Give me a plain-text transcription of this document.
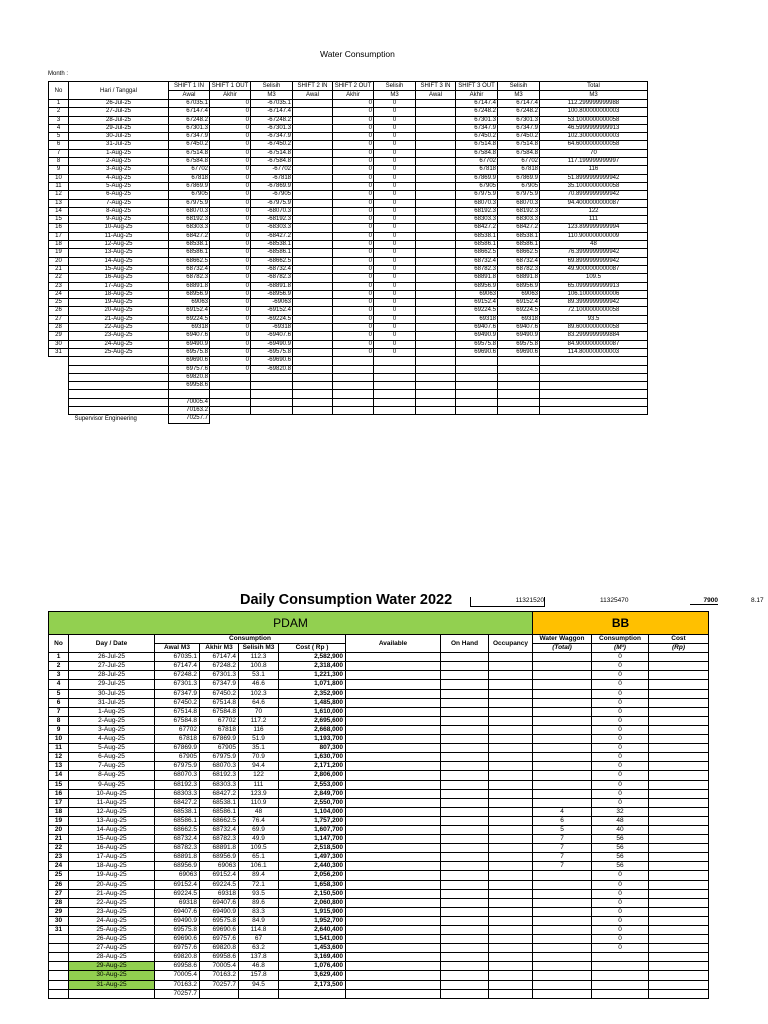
Water Consumption
Month :
No	Hari / Tanggal	SHIFT 1 IN	SHIFT 1 OUT	Selisih	SHIFT 2 IN	SHIFT 2 OUT	Selisih	SHIFT 3 IN	SHIFT 3 OUT	Selisih	Total
		Awal	Akhir	M3	Awal	Akhir	M3	Awal	Akhir	M3	M3
1	26-Jul-25	67035.1	0	-67035.1		0	0		67147.4	67147.4	112.299999999988
2	27-Jul-25	67147.4	0	-67147.4		0	0		67248.2	67248.2	100.800000000003
3	28-Jul-25	67248.2	0	-67248.2		0	0		67301.3	67301.3	53.1000000000058
4	29-Jul-25	67301.3	0	-67301.3		0	0		67347.9	67347.9	46.5999999999913
5	30-Jul-25	67347.9	0	-67347.9		0	0		67450.2	67450.2	102.300000000003
6	31-Jul-25	67450.2	0	-67450.2		0	0		67514.8	67514.8	64.6000000000058
7	1-Aug-25	67514.8	0	-67514.8		0	0		67584.8	67584.8	70
8	2-Aug-25	67584.8	0	-67584.8		0	0		67702	67702	117.199999999997
9	3-Aug-25	67702	0	-67702		0	0		67818	67818	116
10	4-Aug-25	67818	0	-67818		0	0		67869.9	67869.9	51.8999999999942
11	5-Aug-25	67869.9	0	-67869.9		0	0		67905	67905	35.1000000000058
12	6-Aug-25	67905	0	-67905		0	0		67975.9	67975.9	70.8999999999942
13	7-Aug-25	67975.9	0	-67975.9		0	0		68070.3	68070.3	94.4000000000087
14	8-Aug-25	68070.3	0	-68070.3		0	0		68192.3	68192.3	122
15	9-Aug-25	68192.3	0	-68192.3		0	0		68303.3	68303.3	111
16	10-Aug-25	68303.3	0	-68303.3		0	0		68427.2	68427.2	123.899999999994
17	11-Aug-25	68427.2	0	-68427.2		0	0		68538.1	68538.1	110.900000000009
18	12-Aug-25	68538.1	0	-68538.1		0	0		68586.1	68586.1	48
19	13-Aug-25	68586.1	0	-68586.1		0	0		68662.5	68662.5	76.3999999999942
20	14-Aug-25	68662.5	0	-68662.5		0	0		68732.4	68732.4	69.8999999999942
21	15-Aug-25	68732.4	0	-68732.4		0	0		68782.3	68782.3	49.9000000000087
22	16-Aug-25	68782.3	0	-68782.3		0	0		68891.8	68891.8	109.5
23	17-Aug-25	68891.8	0	-68891.8		0	0		68956.9	68956.9	65.0999999999913
24	18-Aug-25	68956.9	0	-68956.9		0	0		69063	69063	106.100000000006
25	19-Aug-25	69063	0	-69063		0	0		69152.4	69152.4	89.3999999999942
26	20-Aug-25	69152.4	0	-69152.4		0	0		69224.5	69224.5	72.1000000000058
27	21-Aug-25	69224.5	0	-69224.5		0	0		69318	69318	93.5
28	22-Aug-25	69318	0	-69318		0	0		69407.6	69407.6	89.6000000000058
29	23-Aug-25	69407.6	0	-69407.6		0	0		69490.9	69490.9	83.2999999999884
30	24-Aug-25	69490.9	0	-69490.9		0	0		69575.8	69575.8	84.9000000000087
31	25-Aug-25	69575.8	0	-69575.8		0	0		69690.6	69690.6	114.800000000003
		69690.6	0	-69690.6							
		69757.6	0	-69820.8							
		69820.8									
		69958.6									

		70005.4									
		70163.2									
	Supervisor Engineering	70257.7									
Daily Consumption Water 2022	11321520	11325470	7900	8.17
PDAM									BB		
No	Day / Date	Consumption				Available	On Hand	Occupancy	Water Waggon	Consumption	Cost
		Awal M3	Akhir M3	Selisih M3	Cost ( Rp )				(Total)	(M³)	(Rp)
1	26-Jul-25	67035.1	67147.4	112.3	2,582,900					0	
2	27-Jul-25	67147.4	67248.2	100.8	2,318,400					0	
3	28-Jul-25	67248.2	67301.3	53.1	1,221,300					0	
4	29-Jul-25	67301.3	67347.9	46.6	1,071,800					0	
5	30-Jul-25	67347.9	67450.2	102.3	2,352,900					0	
6	31-Jul-25	67450.2	67514.8	64.6	1,485,800					0	
7	1-Aug-25	67514.8	67584.8	70	1,610,000					0	
8	2-Aug-25	67584.8	67702	117.2	2,695,600					0	
9	3-Aug-25	67702	67818	116	2,668,000					0	
10	4-Aug-25	67818	67869.9	51.9	1,193,700					0	
11	5-Aug-25	67869.9	67905	35.1	807,300					0	
12	6-Aug-25	67905	67975.9	70.9	1,630,700					0	
13	7-Aug-25	67975.9	68070.3	94.4	2,171,200					0	
14	8-Aug-25	68070.3	68192.3	122	2,806,000					0	
15	9-Aug-25	68192.3	68303.3	111	2,553,000					0	
16	10-Aug-25	68303.3	68427.2	123.9	2,849,700					0	
17	11-Aug-25	68427.2	68538.1	110.9	2,550,700					0	
18	12-Aug-25	68538.1	68586.1	48	1,104,000				4	32	
19	13-Aug-25	68586.1	68662.5	76.4	1,757,200				6	48	
20	14-Aug-25	68662.5	68732.4	69.9	1,607,700				5	40	
21	15-Aug-25	68732.4	68782.3	49.9	1,147,700				7	56	
22	16-Aug-25	68782.3	68891.8	109.5	2,518,500				7	56	
23	17-Aug-25	68891.8	68956.9	65.1	1,497,300				7	56	
24	18-Aug-25	68956.9	69063	106.1	2,440,300				7	56	
25	19-Aug-25	69063	69152.4	89.4	2,056,200					0	
26	20-Aug-25	69152.4	69224.5	72.1	1,658,300					0	
27	21-Aug-25	69224.5	69318	93.5	2,150,500					0	
28	22-Aug-25	69318	69407.6	89.6	2,060,800					0	
29	23-Aug-25	69407.6	69490.9	83.3	1,915,900					0	
30	24-Aug-25	69490.9	69575.8	84.9	1,952,700					0	
31	25-Aug-25	69575.8	69690.6	114.8	2,640,400					0	
	26-Aug-25	69690.6	69757.6	67	1,541,000					0	
	27-Aug-25	69757.6	69820.8	63.2	1,453,600					0	
	28-Aug-25	69820.8	69958.6	137.8	3,169,400						
	29-Aug-25	69958.6	70005.4	46.8	1,076,400						
	30-Aug-25	70005.4	70163.2	157.8	3,629,400						
	31-Aug-25	70163.2	70257.7	94.5	2,173,500						
		70257.7									
